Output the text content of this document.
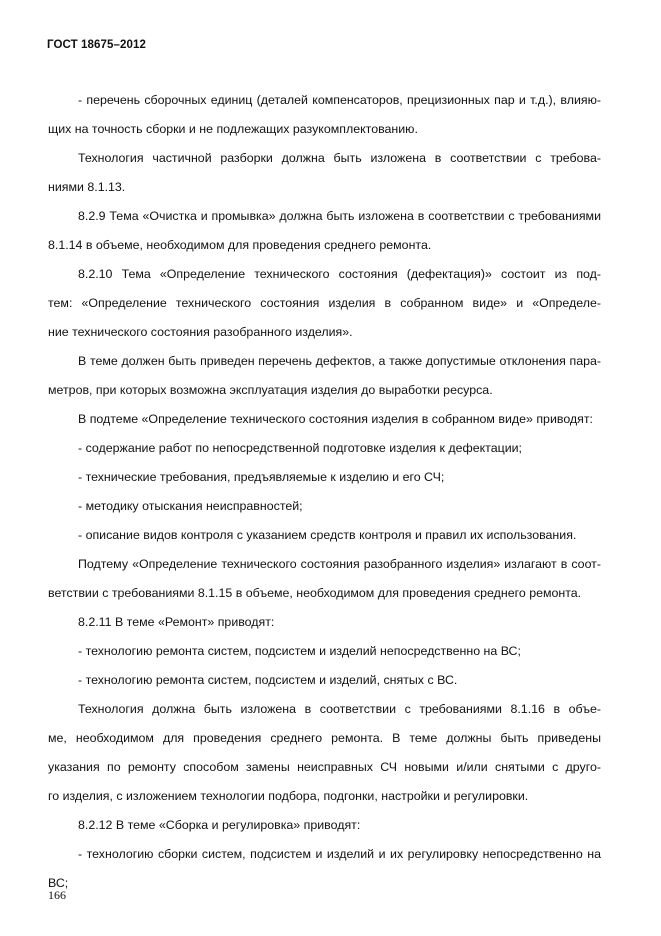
ГОСТ 18675–2012
- перечень сборочных единиц (деталей компенсаторов, прецизионных пар и т.д.), влияю-
щих на точность сборки и не подлежащих разукомплектованию.
Технология частичной разборки должна быть изложена в соответствии с требова-
ниями 8.1.13.
8.2.9 Тема «Очистка и промывка» должна быть изложена в соответствии с требованиями
8.1.14 в объеме, необходимом для проведения среднего ремонта.
8.2.10 Тема «Определение технического состояния (дефектация)» состоит из под-
тем: «Определение технического состояния изделия в собранном виде» и «Определе-
ние технического состояния разобранного изделия».
В теме должен быть приведен перечень дефектов, а также допустимые отклонения пара-
метров, при которых возможна эксплуатация изделия до выработки ресурса.
В подтеме «Определение технического состояния изделия в собранном виде» приводят:
- содержание работ по непосредственной подготовке изделия к дефектации;
- технические требования, предъявляемые к изделию и его СЧ;
- методику отыскания неисправностей;
- описание видов контроля с указанием средств контроля и правил их использования.
Подтему «Определение технического состояния разобранного изделия» излагают в соот-
ветствии с требованиями 8.1.15 в объеме, необходимом для проведения среднего ремонта.
8.2.11 В теме «Ремонт» приводят:
- технологию ремонта систем, подсистем и изделий непосредственно на ВС;
- технологию ремонта систем, подсистем и изделий, снятых с ВС.
Технология должна быть изложена в соответствии с требованиями 8.1.16 в объе-
ме, необходимом для проведения среднего ремонта. В теме должны быть приведены
указания по ремонту способом замены неисправных СЧ новыми и/или снятыми с друго-
го изделия, с изложением технологии подбора, подгонки, настройки и регулировки.
8.2.12 В теме «Сборка и регулировка» приводят:
- технологию сборки систем, подсистем и изделий и их регулировку непосредственно на
ВС;
166
